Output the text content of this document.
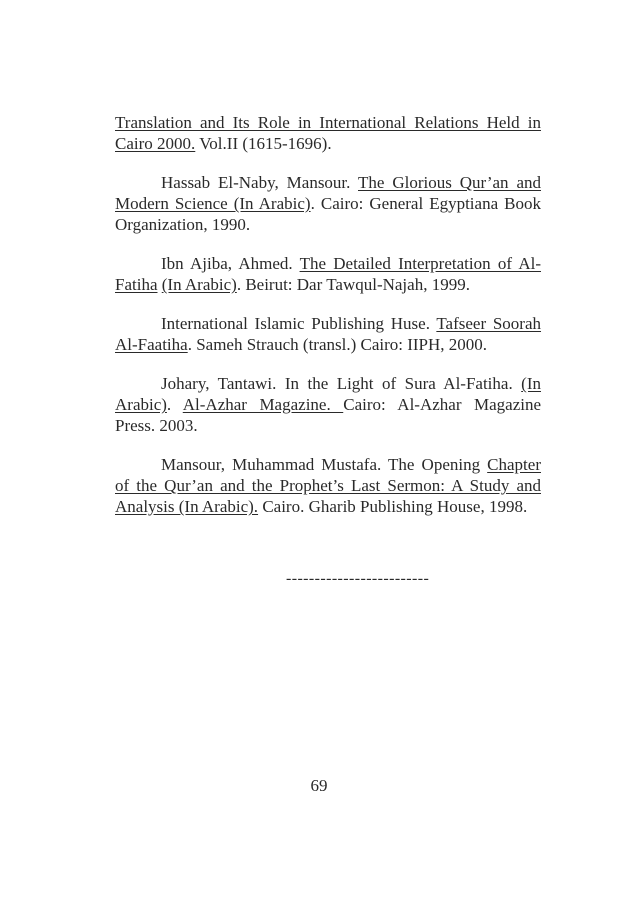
Translation and Its Role in International Relations Held in Cairo 2000. Vol.II (1615-1696).

Hassab El-Naby, Mansour. The Glorious Qur’an and Modern Science (In Arabic). Cairo: General Egyptiana Book Organization, 1990.

Ibn Ajiba, Ahmed. The Detailed Interpretation of Al-Fatiha (In Arabic). Beirut: Dar Tawqul-Najah, 1999.

International Islamic Publishing Huse. Tafseer Soorah Al-Faatiha. Sameh Strauch (transl.) Cairo: IIPH, 2000.

Johary, Tantawi. In the Light of Sura Al-Fatiha. (In Arabic). Al-Azhar Magazine. Cairo: Al-Azhar Magazine Press. 2003.

Mansour, Muhammad Mustafa. The Opening Chapter of the Qur’an and the Prophet’s Last Sermon: A Study and Analysis (In Arabic). Cairo. Gharib Publishing House, 1998.

-------------------------
69
